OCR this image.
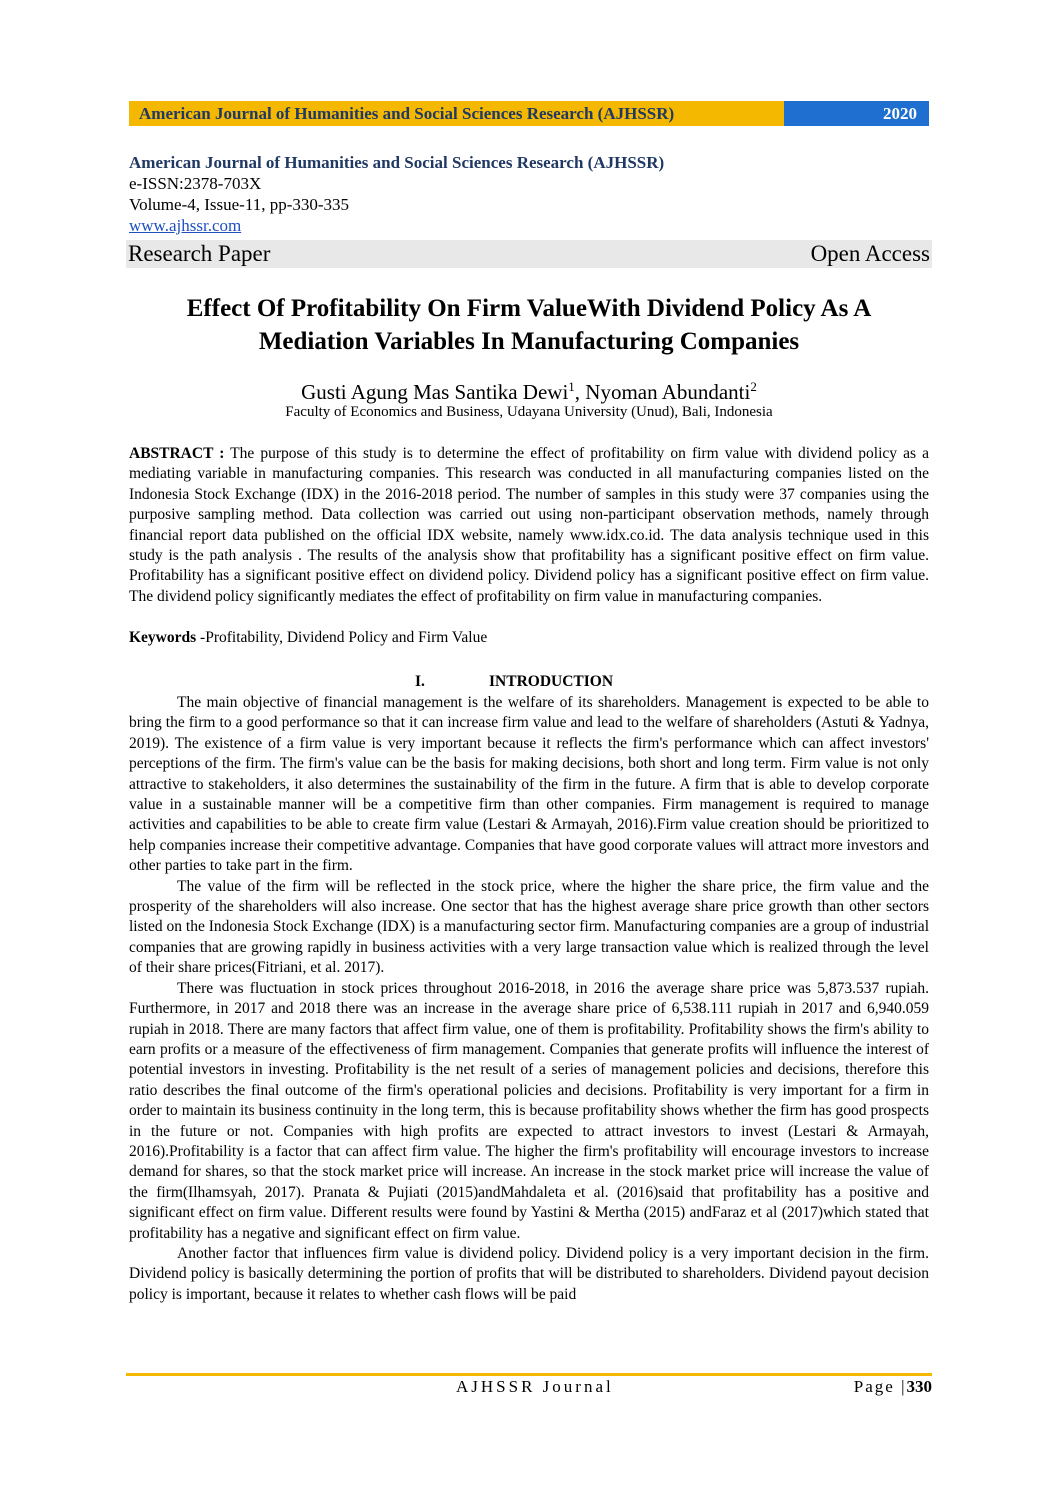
American Journal of Humanities and Social Sciences Research (AJHSSR)	2020
American Journal of Humanities and Social Sciences Research (AJHSSR)
e-ISSN:2378-703X
Volume-4, Issue-11, pp-330-335
www.ajhssr.com
Research Paper	Open Access
Effect Of Profitability On Firm ValueWith Dividend Policy As A
Mediation Variables In Manufacturing Companies
Gusti Agung Mas Santika Dewi$^1$, Nyoman Abundanti$^2$
Faculty of Economics and Business, Udayana University (Unud), Bali, Indonesia
ABSTRACT : The purpose of this study is to determine the effect of profitability on firm value with dividend policy as a mediating variable in manufacturing companies. This research was conducted in all manufacturing companies listed on the Indonesia Stock Exchange (IDX) in the 2016-2018 period. The number of samples in this study were 37 companies using the purposive sampling method. Data collection was carried out using non-participant observation methods, namely through financial report data published on the official IDX website, namely www.idx.co.id. The data analysis technique used in this study is the path analysis . The results of the analysis show that profitability has a significant positive effect on firm value. Profitability has a significant positive effect on dividend policy. Dividend policy has a significant positive effect on firm value. The dividend policy significantly mediates the effect of profitability on firm value in manufacturing companies.
Keywords -Profitability, Dividend Policy and Firm Value
I.	INTRODUCTION

The main objective of financial management is the welfare of its shareholders. Management is expected to be able to bring the firm to a good performance so that it can increase firm value and lead to the welfare of shareholders (Astuti & Yadnya, 2019). The existence of a firm value is very important because it reflects the firm's performance which can affect investors' perceptions of the firm. The firm's value can be the basis for making decisions, both short and long term. Firm value is not only attractive to stakeholders, it also determines the sustainability of the firm in the future. A firm that is able to develop corporate value in a sustainable manner will be a competitive firm than other companies. Firm management is required to manage activities and capabilities to be able to create firm value (Lestari & Armayah, 2016).Firm value creation should be prioritized to help companies increase their competitive advantage. Companies that have good corporate values will attract more investors and other parties to take part in the firm.

The value of the firm will be reflected in the stock price, where the higher the share price, the firm value and the prosperity of the shareholders will also increase. One sector that has the highest average share price growth than other sectors listed on the Indonesia Stock Exchange (IDX) is a manufacturing sector firm. Manufacturing companies are a group of industrial companies that are growing rapidly in business activities with a very large transaction value which is realized through the level of their share prices(Fitriani, et al. 2017).

There was fluctuation in stock prices throughout 2016-2018, in 2016 the average share price was 5,873.537 rupiah. Furthermore, in 2017 and 2018 there was an increase in the average share price of 6,538.111 rupiah in 2017 and 6,940.059 rupiah in 2018. There are many factors that affect firm value, one of them is profitability. Profitability shows the firm's ability to earn profits or a measure of the effectiveness of firm management. Companies that generate profits will influence the interest of potential investors in investing. Profitability is the net result of a series of management policies and decisions, therefore this ratio describes the final outcome of the firm's operational policies and decisions. Profitability is very important for a firm in order to maintain its business continuity in the long term, this is because profitability shows whether the firm has good prospects in the future or not. Companies with high profits are expected to attract investors to invest (Lestari & Armayah, 2016).Profitability is a factor that can affect firm value. The higher the firm's profitability will encourage investors to increase demand for shares, so that the stock market price will increase. An increase in the stock market price will increase the value of the firm(Ilhamsyah, 2017). Pranata & Pujiati (2015)andMahdaleta et al. (2016)said that profitability has a positive and significant effect on firm value. Different results were found by Yastini & Mertha (2015) andFaraz et al (2017)which stated that profitability has a negative and significant effect on firm value.

Another factor that influences firm value is dividend policy. Dividend policy is a very important decision in the firm. Dividend policy is basically determining the portion of profits that will be distributed to shareholders. Dividend payout decision policy is important, because it relates to whether cash flows will be paid

AJHSSR Journal	Page |330
